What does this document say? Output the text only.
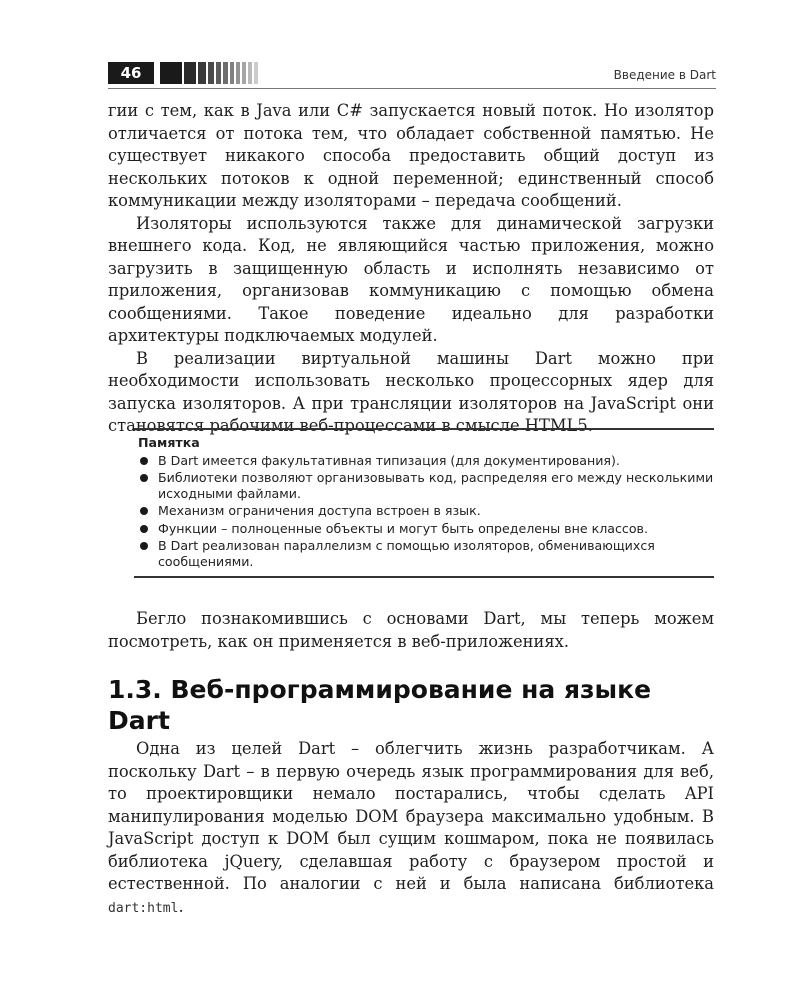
46	Введение в Dart

гии с тем, как в Java или C# запускается новый поток. Но изолятор отличается от потока тем, что обладает собственной памятью. Не существует никакого способа предоставить общий доступ из нескольких потоков к одной переменной; единственный способ коммуникации между изоляторами – передача сообщений.

Изоляторы используются также для динамической загрузки внешнего кода. Код, не являющийся частью приложения, можно загрузить в защищенную область и исполнять независимо от приложения, организовав коммуникацию с помощью обмена сообщениями. Такое поведение идеально для разработки архитектуры подключаемых модулей.

В реализации виртуальной машины Dart можно при необходимости использовать несколько процессорных ядер для запуска изоляторов. А при трансляции изоляторов на JavaScript они становятся рабочими веб-процессами в смысле HTML5.

Памятка
В Dart имеется факультативная типизация (для документирования).
Библиотеки позволяют организовывать код, распределяя его между несколькими исходными файлами.
Механизм ограничения доступа встроен в язык.
Функции – полноценные объекты и могут быть определены вне классов.
В Dart реализован параллелизм с помощью изоляторов, обменивающихся сообщениями.

Бегло познакомившись с основами Dart, мы теперь можем посмотреть, как он применяется в веб-приложениях.

1.3. Веб-программирование на языке Dart

Одна из целей Dart – облегчить жизнь разработчикам. А поскольку Dart – в первую очередь язык программирования для веб, то проектировщики немало постарались, чтобы сделать API манипулирования моделью DOM браузера максимально удобным. В JavaScript доступ к DOM был сущим кошмаром, пока не появилась библиотека jQuery, сделавшая работу с браузером простой и естественной. По аналогии с ней и была написана библиотека dart:html.
